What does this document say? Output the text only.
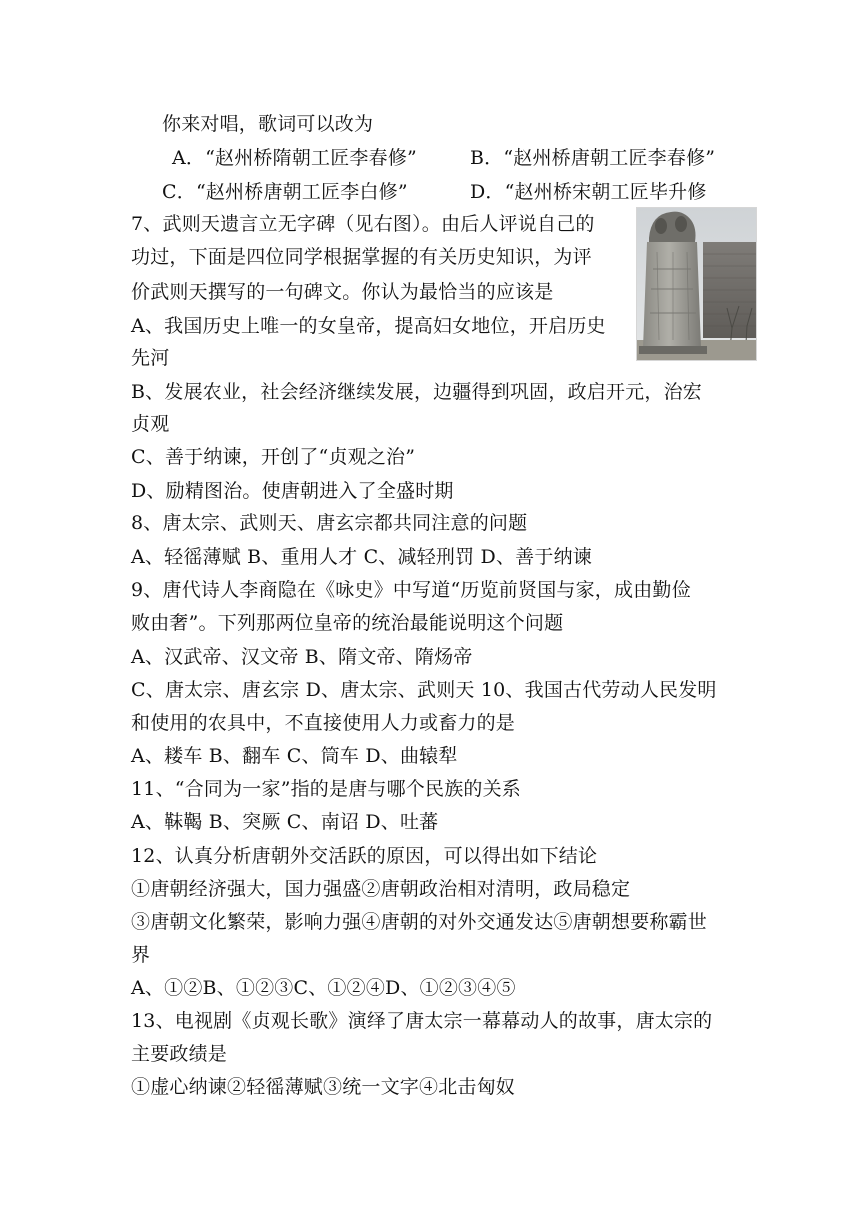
你来对唱，歌词可以改为
A．“赵州桥隋朝工匠李春修”	B．“赵州桥唐朝工匠李春修”
C．“赵州桥唐朝工匠李白修”	D．“赵州桥宋朝工匠毕升修
7、武则天遗言立无字碑（见右图）。由后人评说自己的
功过，下面是四位同学根据掌握的有关历史知识，为评
价武则天撰写的一句碑文。你认为最恰当的应该是
A、我国历史上唯一的女皇帝，提高妇女地位，开启历史
先河
B、发展农业，社会经济继续发展，边疆得到巩固，政启开元，治宏
贞观
C、善于纳谏，开创了“贞观之治”
D、励精图治。使唐朝进入了全盛时期
8、唐太宗、武则天、唐玄宗都共同注意的问题
A、轻徭薄赋 B、重用人才 C、减轻刑罚 D、善于纳谏
9、唐代诗人李商隐在《咏史》中写道“历览前贤国与家，成由勤俭
败由奢”。下列那两位皇帝的统治最能说明这个问题
A、汉武帝、汉文帝 B、隋文帝、隋炀帝
C、唐太宗、唐玄宗 D、唐太宗、武则天 10、我国古代劳动人民发明
和使用的农具中，不直接使用人力或畜力的是
A、耧车 B、翻车 C、筒车 D、曲辕犁
11、“合同为一家”指的是唐与哪个民族的关系
A、靺鞨 B、突厥 C、南诏 D、吐蕃
12、认真分析唐朝外交活跃的原因，可以得出如下结论
①唐朝经济强大，国力强盛②唐朝政治相对清明，政局稳定
③唐朝文化繁荣，影响力强④唐朝的对外交通发达⑤唐朝想要称霸世
界
A、①②B、①②③C、①②④D、①②③④⑤
13、电视剧《贞观长歌》演绎了唐太宗一幕幕动人的故事，唐太宗的
主要政绩是
①虚心纳谏②轻徭薄赋③统一文字④北击匈奴
